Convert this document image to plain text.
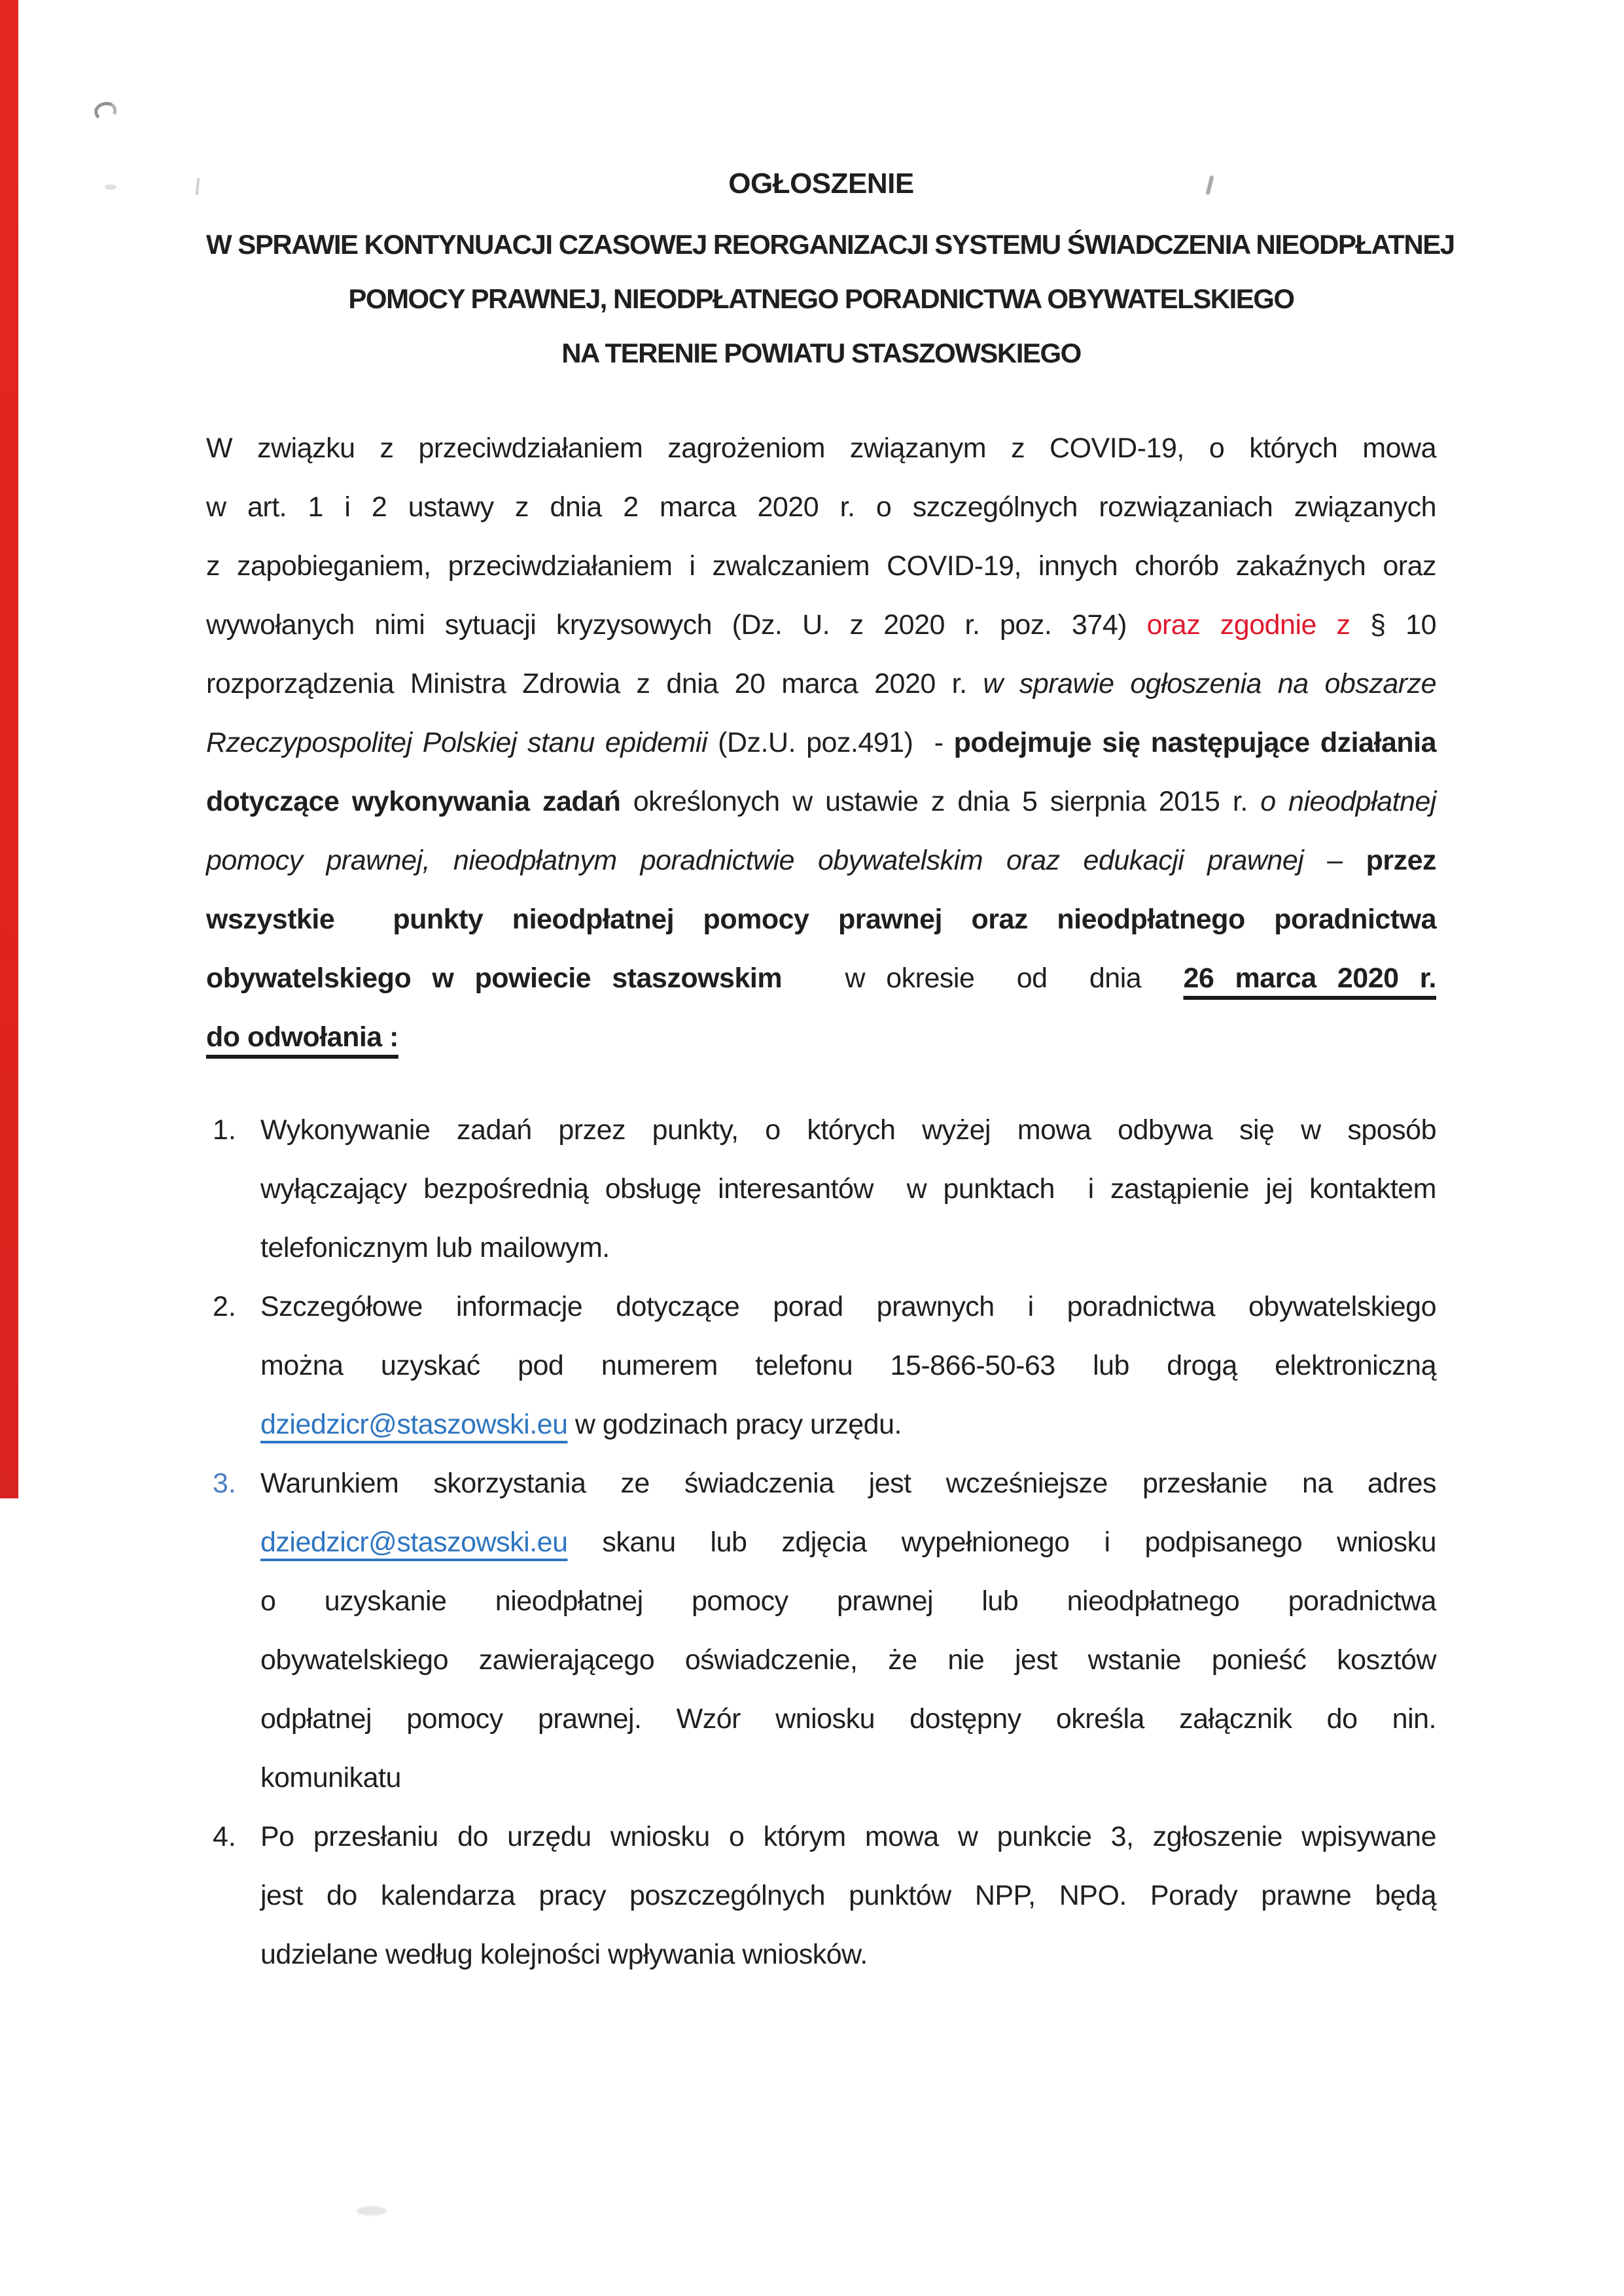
OGŁOSZENIE
W SPRAWIE KONTYNUACJI CZASOWEJ REORGANIZACJI SYSTEMU ŚWIADCZENIA NIEODPŁATNEJ
POMOCY PRAWNEJ, NIEODPŁATNEGO PORADNICTWA OBYWATELSKIEGO
NA TERENIE POWIATU STASZOWSKIEGO
W związku z przeciwdziałaniem zagrożeniom związanym z COVID-19, o których mowa
w art. 1 i 2 ustawy z dnia 2 marca 2020 r. o szczególnych rozwiązaniach związanych
z zapobieganiem, przeciwdziałaniem i zwalczaniem COVID-19, innych chorób zakaźnych oraz
wywołanych nimi sytuacji kryzysowych (Dz. U. z 2020 r. poz. 374) oraz zgodnie z § 10
rozporządzenia Ministra Zdrowia z dnia 20 marca 2020 r. w sprawie ogłoszenia na obszarze
Rzeczypospolitej Polskiej stanu epidemii (Dz.U. poz.491)  - podejmuje się następujące działania
dotyczące wykonywania zadań określonych w ustawie z dnia 5 sierpnia 2015 r. o nieodpłatnej
pomocy prawnej, nieodpłatnym poradnictwie obywatelskim oraz edukacji prawnej – przez
wszystkie  punkty nieodpłatnej pomocy prawnej oraz nieodpłatnego poradnictwa
obywatelskiego w powiecie staszowskim   w okresie  od  dnia  26 marca 2020 r.
do odwołania :
1. Wykonywanie zadań przez punkty, o których wyżej mowa odbywa się w sposób
wyłączający bezpośrednią obsługę interesantów  w punktach  i zastąpienie jej kontaktem
telefonicznym lub mailowym.
2. Szczegółowe informacje dotyczące porad prawnych i poradnictwa obywatelskiego
można uzyskać pod numerem telefonu 15-866-50-63 lub drogą elektroniczną
dziedzicr@staszowski.eu w godzinach pracy urzędu.
3. Warunkiem skorzystania ze świadczenia jest wcześniejsze przesłanie na adres
dziedzicr@staszowski.eu skanu lub zdjęcia wypełnionego i podpisanego wniosku
o uzyskanie nieodpłatnej pomocy prawnej lub nieodpłatnego poradnictwa
obywatelskiego zawierającego oświadczenie, że nie jest wstanie ponieść kosztów
odpłatnej pomocy prawnej. Wzór wniosku dostępny określa załącznik do nin.
komunikatu
4. Po przesłaniu do urzędu wniosku o którym mowa w punkcie 3, zgłoszenie wpisywane
jest do kalendarza pracy poszczególnych punktów NPP, NPO. Porady prawne będą
udzielane według kolejności wpływania wniosków.
